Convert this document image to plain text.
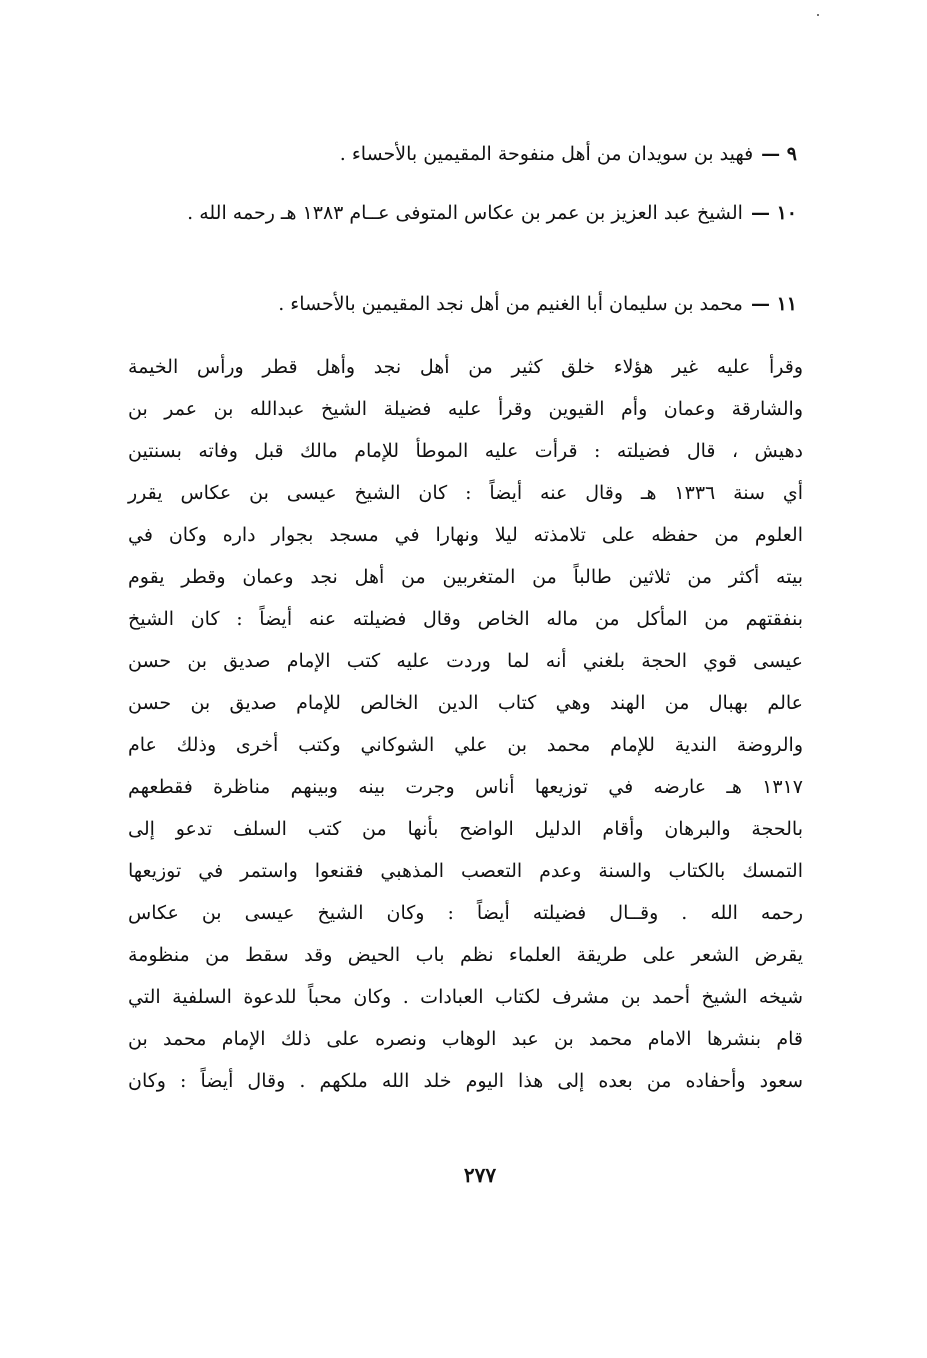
٩ —فهيد بن سويدان من أهل منفوحة المقيمين بالأحساء .
١٠ —الشيخ عبد العزيز بن عمر بن عكاس المتوفى عــام ١٣٨٣ هـ رحمه الله .
١١ —محمد بن سليمان أبا الغنيم من أهل نجد المقيمين بالأحساء .
وقرأ عليه غير هؤلاء خلق كثير من أهل نجد وأهل قطر ورأس الخيمة
والشارقة وعمان وأم القيوين وقرأ عليه فضيلة الشيخ عبدالله بن عمر بن
دهيش ، قال فضيلته : قرأت عليه الموطأ للإمام مالك قبل وفاته بسنتين
أي سنة ١٣٣٦ هـ وقال عنه أيضاً : كان الشيخ عيسى بن عكاس يقرر
العلوم من حفظه على تلامذته ليلا ونهارا في مسجد بجوار داره وكان في
بيته أكثر من ثلاثين طالباً من المتغربين من أهل نجد وعمان وقطر يقوم
بنفقتهم من المأكل من ماله الخاص وقال فضيلته عنه أيضاً : كان الشيخ
عيسى قوي الحجة بلغني أنه لما وردت عليه كتب الإمام صديق بن حسن
عالم بهبال من الهند وهي كتاب الدين الخالص للإمام صديق بن حسن
والروضة الندية للإمام محمد بن علي الشوكاني وكتب أخرى وذلك عام
١٣١٧ هـ عارضه في توزيعها أناس وجرت بينه وبينهم مناظرة فقطعهم
بالحجة والبرهان وأقام الدليل الواضح بأنها من كتب السلف تدعو إلى
التمسك بالكتاب والسنة وعدم التعصب المذهبي فقنعوا واستمر في توزيعها
رحمه الله . وقــال فضيلته أيضاً : وكان الشيخ عيسى بن عكاس
يقرض الشعر على طريقة العلماء نظم باب الحيض وقد سقط من منظومة
شيخه الشيخ أحمد بن مشرف لكتاب العبادات . وكان محباً للدعوة السلفية التي
قام بنشرها الامام محمد بن عبد الوهاب ونصره على ذلك الإمام محمد بن
سعود وأحفاده من بعده إلى هذا اليوم خلد الله ملكهم . وقال أيضاً : وكان
٢٧٧
